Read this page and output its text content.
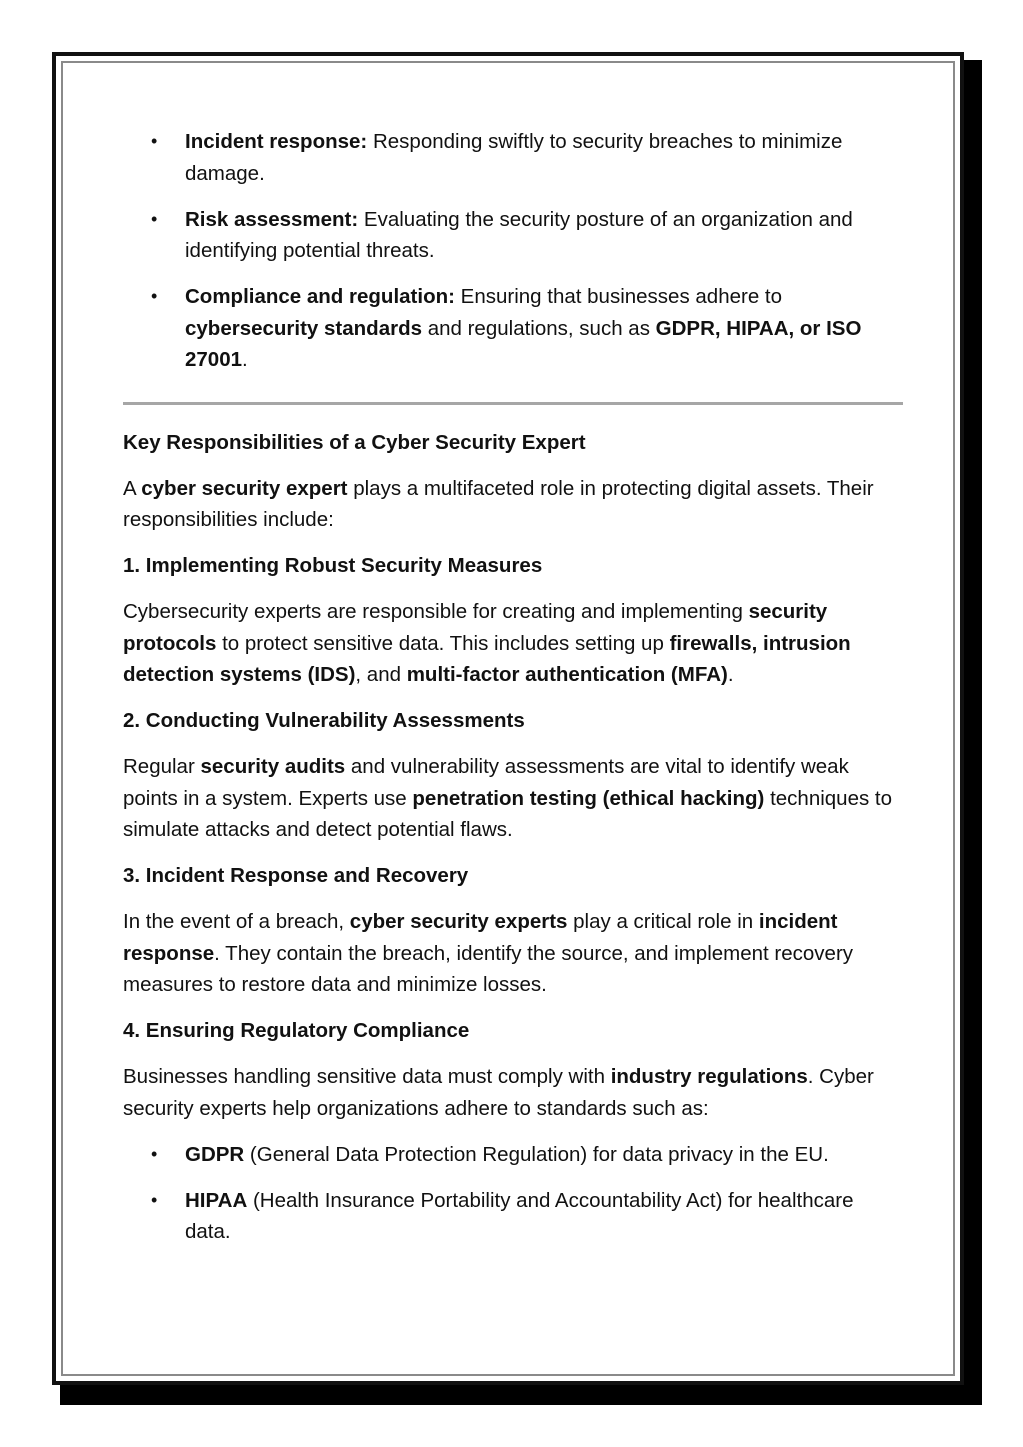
• Incident response: Responding swiftly to security breaches to minimize damage.
• Risk assessment: Evaluating the security posture of an organization and identifying potential threats.
• Compliance and regulation: Ensuring that businesses adhere to cybersecurity standards and regulations, such as GDPR, HIPAA, or ISO 27001.

Key Responsibilities of a Cyber Security Expert

A cyber security expert plays a multifaceted role in protecting digital assets. Their responsibilities include:

1. Implementing Robust Security Measures

Cybersecurity experts are responsible for creating and implementing security protocols to protect sensitive data. This includes setting up firewalls, intrusion detection systems (IDS), and multi-factor authentication (MFA).

2. Conducting Vulnerability Assessments

Regular security audits and vulnerability assessments are vital to identify weak points in a system. Experts use penetration testing (ethical hacking) techniques to simulate attacks and detect potential flaws.

3. Incident Response and Recovery

In the event of a breach, cyber security experts play a critical role in incident response. They contain the breach, identify the source, and implement recovery measures to restore data and minimize losses.

4. Ensuring Regulatory Compliance

Businesses handling sensitive data must comply with industry regulations. Cyber security experts help organizations adhere to standards such as:

• GDPR (General Data Protection Regulation) for data privacy in the EU.
• HIPAA (Health Insurance Portability and Accountability Act) for healthcare data.
